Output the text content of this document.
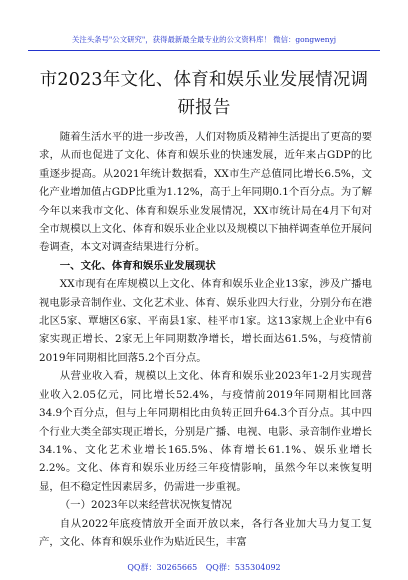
关注头条号"公文研究"，获得最新最全最专业的公文资料库！ 微信：gongwenyj
市2023年文化、体育和娱乐业发展情况调
研报告

随着生活水平的进一步改善，人们对物质及精神生活提出了更高的要求，从而也促进了文化、体育和娱乐业的快速发展，近年来占GDP的比重逐步提高。从2021年统计数据看，XX市生产总值同比增长6.5%，文化产业增加值占GDP比重为1.12%，高于上年同期0.1个百分点。为了解今年以来我市文化、体育和娱乐业发展情况，XX市统计局在4月下旬对全市规模以上文化、体育和娱乐业企业以及规模以下抽样调查单位开展问卷调查，本文对调查结果进行分析。

一、文化、体育和娱乐业发展现状

XX市现有在库规模以上文化、体育和娱乐业企业13家，涉及广播电视电影录音制作业、文化艺术业、体育、娱乐业四大行业，分别分布在港北区5家、覃塘区6家、平南县1家、桂平市1家。这13家规上企业中有6家实现正增长、2家无上年同期数净增长，增长面达61.5%，与疫情前2019年同期相比回落5.2个百分点。

从营业收入看，规模以上文化、体育和娱乐业2023年1-2月实现营业收入2.05亿元，同比增长52.4%，与疫情前2019年同期相比回落34.9个百分点，但与上年同期相比由负转正回升64.3个百分点。其中四个行业大类全部实现正增长，分别是广播、电视、电影、录音制作业增长34.1%、文化艺术业增长165.5%、体育增长61.1%、娱乐业增长2.2%。文化、体育和娱乐业历经三年疫情影响，虽然今年以来恢复明显，但不稳定性因素居多，仍需进一步重视。

（一）2023年以来经营状况恢复情况

自从2022年底疫情放开全面开放以来，各行各业加大马力复工复产，文化、体育和娱乐业作为贴近民生，丰富

QQ群：30265665 QQ群：535304092
